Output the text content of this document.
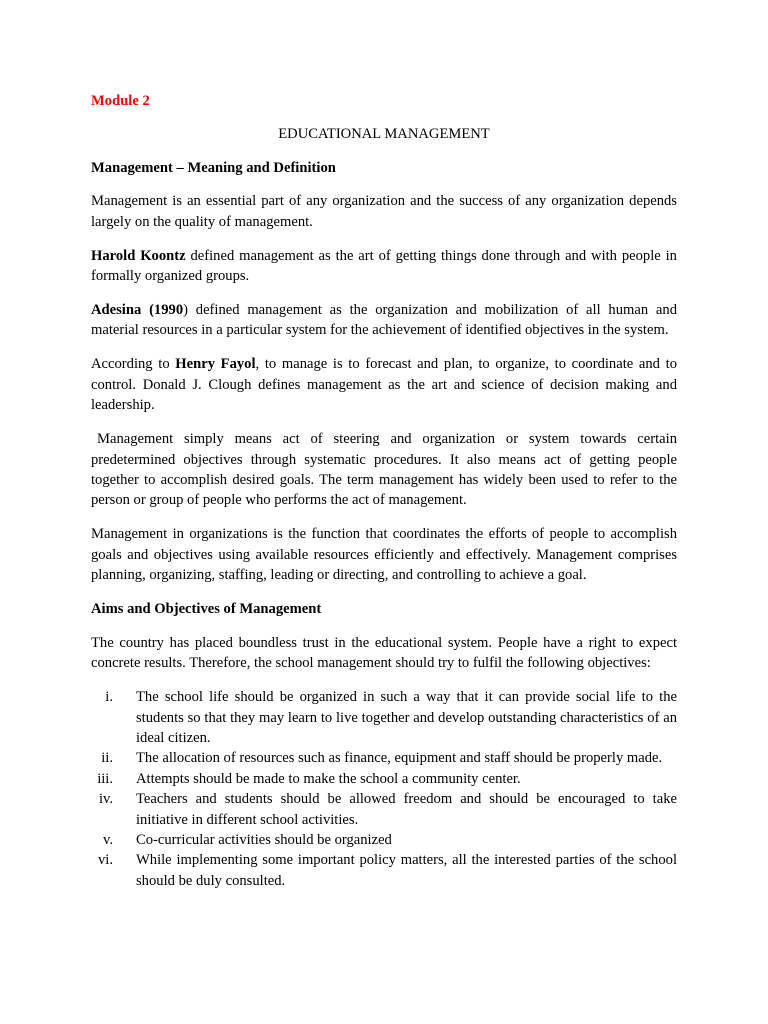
Module 2
EDUCATIONAL MANAGEMENT
Management – Meaning and Definition

Management is an essential part of any organization and the success of any organization depends largely on the quality of management.

Harold Koontz defined management as the art of getting things done through and with people in formally organized groups.

Adesina (1990) defined management as the organization and mobilization of all human and material resources in a particular system for the achievement of identified objectives in the system.

According to Henry Fayol, to manage is to forecast and plan, to organize, to coordinate and to control. Donald J. Clough defines management as the art and science of decision making and leadership.

Management simply means act of steering and organization or system towards certain predetermined objectives through systematic procedures. It also means act of getting people together to accomplish desired goals. The term management has widely been used to refer to the person or group of people who performs the act of management.

Management in organizations is the function that coordinates the efforts of people to accomplish goals and objectives using available resources efficiently and effectively. Management comprises planning, organizing, staffing, leading or directing, and controlling to achieve a goal.

Aims and Objectives of Management

The country has placed boundless trust in the educational system. People have a right to expect concrete results. Therefore, the school management should try to fulfil the following objectives:

i. The school life should be organized in such a way that it can provide social life to the students so that they may learn to live together and develop outstanding characteristics of an ideal citizen.
ii. The allocation of resources such as finance, equipment and staff should be properly made.
iii. Attempts should be made to make the school a community center.
iv. Teachers and students should be allowed freedom and should be encouraged to take initiative in different school activities.
v. Co-curricular activities should be organized
vi. While implementing some important policy matters, all the interested parties of the school should be duly consulted.
